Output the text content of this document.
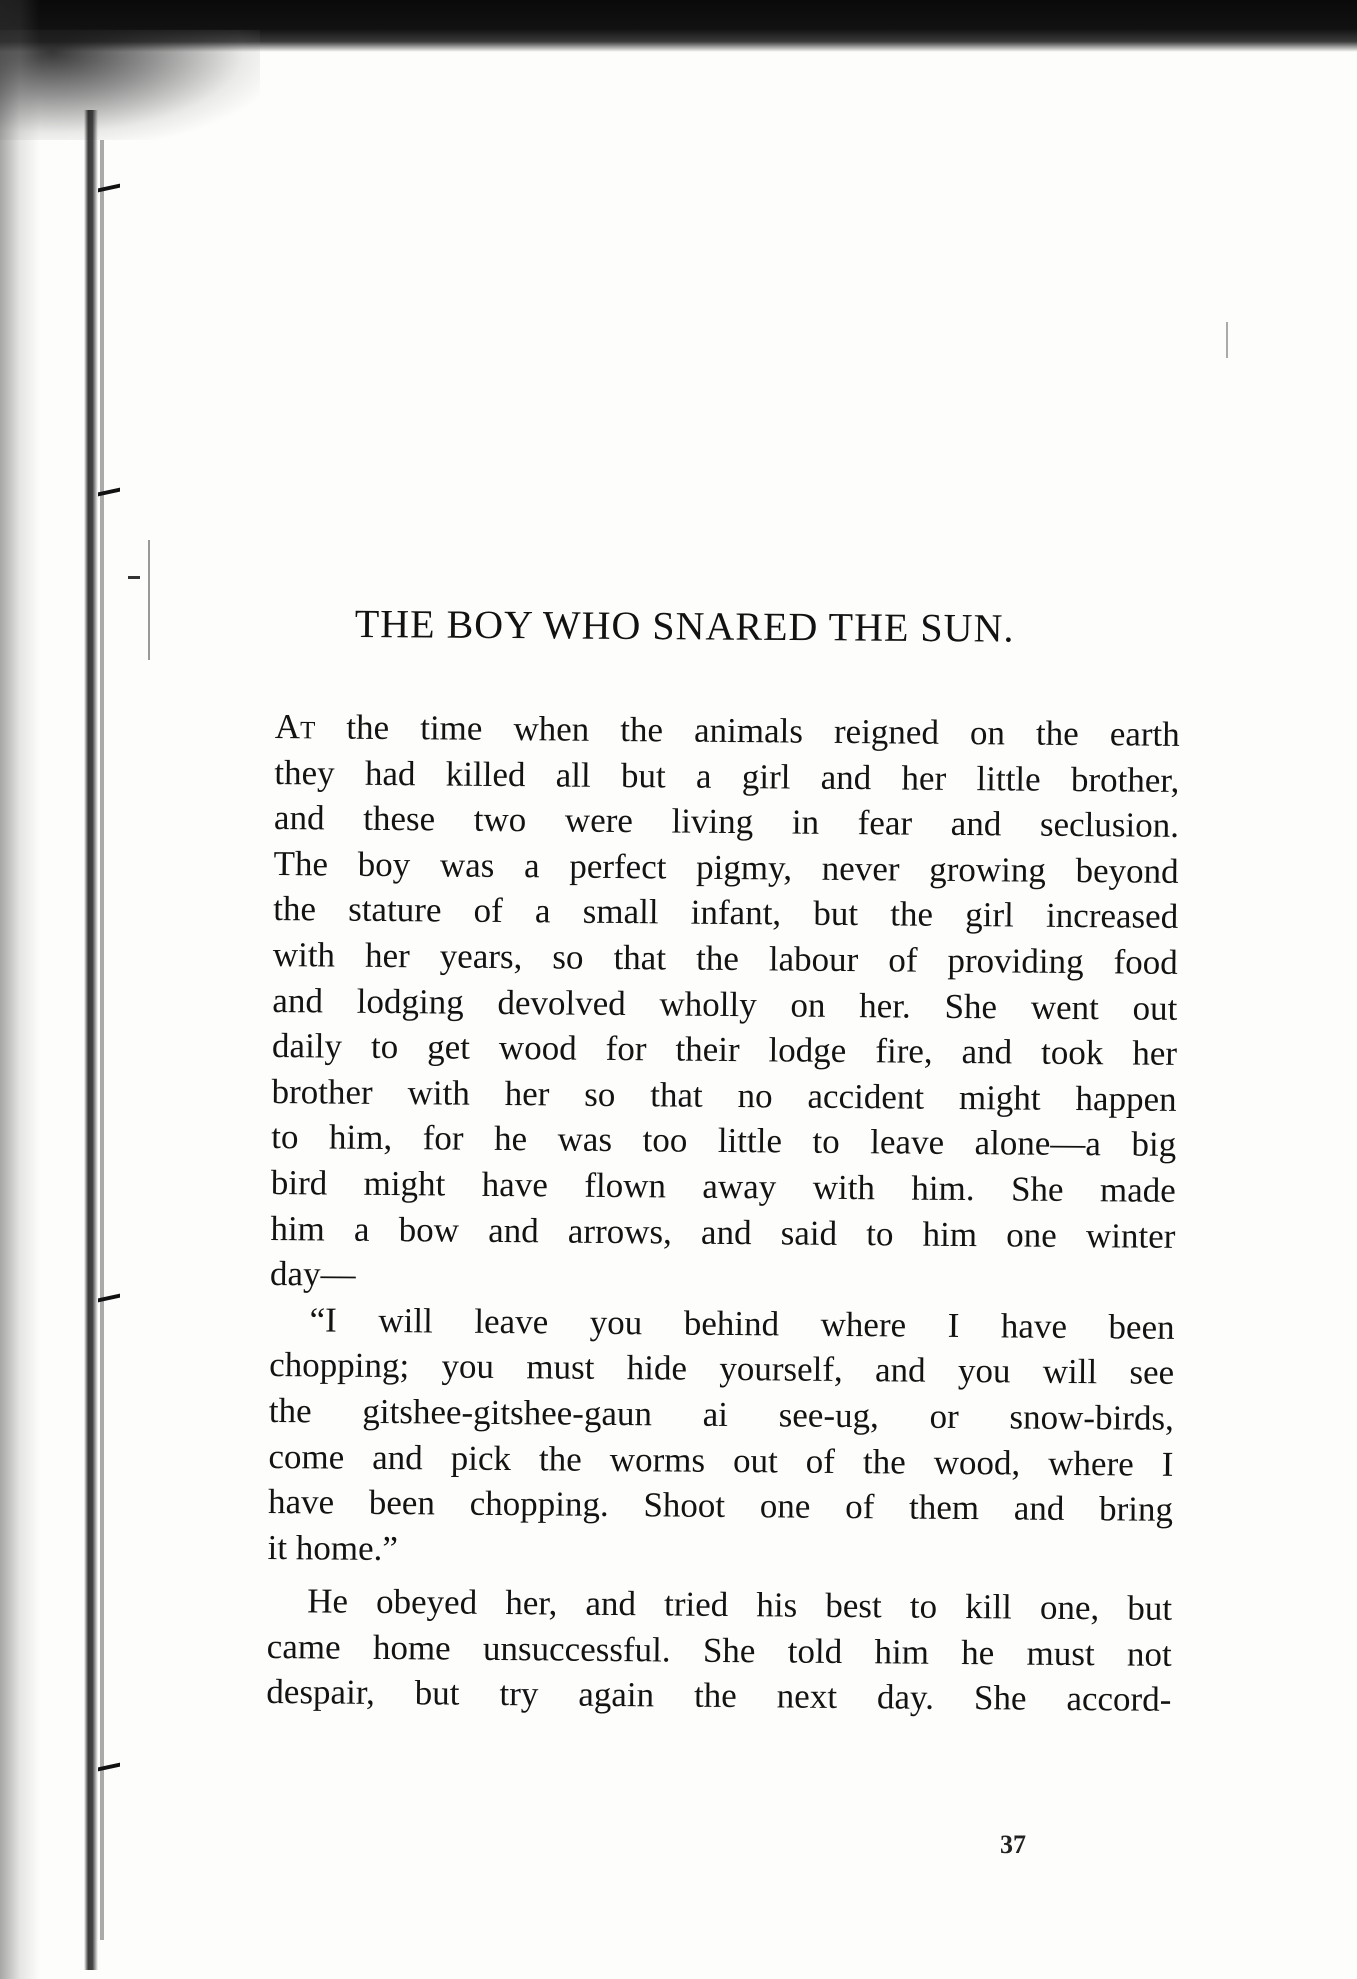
THE BOY WHO SNARED THE SUN.
At the time when the animals reigned on the earth
they had killed all but a girl and her little brother,
and these two were living in fear and seclusion.
The boy was a perfect pigmy, never growing beyond
the stature of a small infant, but the girl increased
with her years, so that the labour of providing food
and lodging devolved wholly on her. She went out
daily to get wood for their lodge fire, and took her
brother with her so that no accident might happen
to him, for he was too little to leave alone—a big
bird might have flown away with him. She made
him a bow and arrows, and said to him one winter
day—
“I will leave you behind where I have been
chopping; you must hide yourself, and you will see
the gitshee-gitshee-gaun ai see-ug, or snow-birds,
come and pick the worms out of the wood, where I
have been chopping. Shoot one of them and bring
it home.”
He obeyed her, and tried his best to kill one, but
came home unsuccessful. She told him he must not
despair, but try again the next day. She accord-
37
